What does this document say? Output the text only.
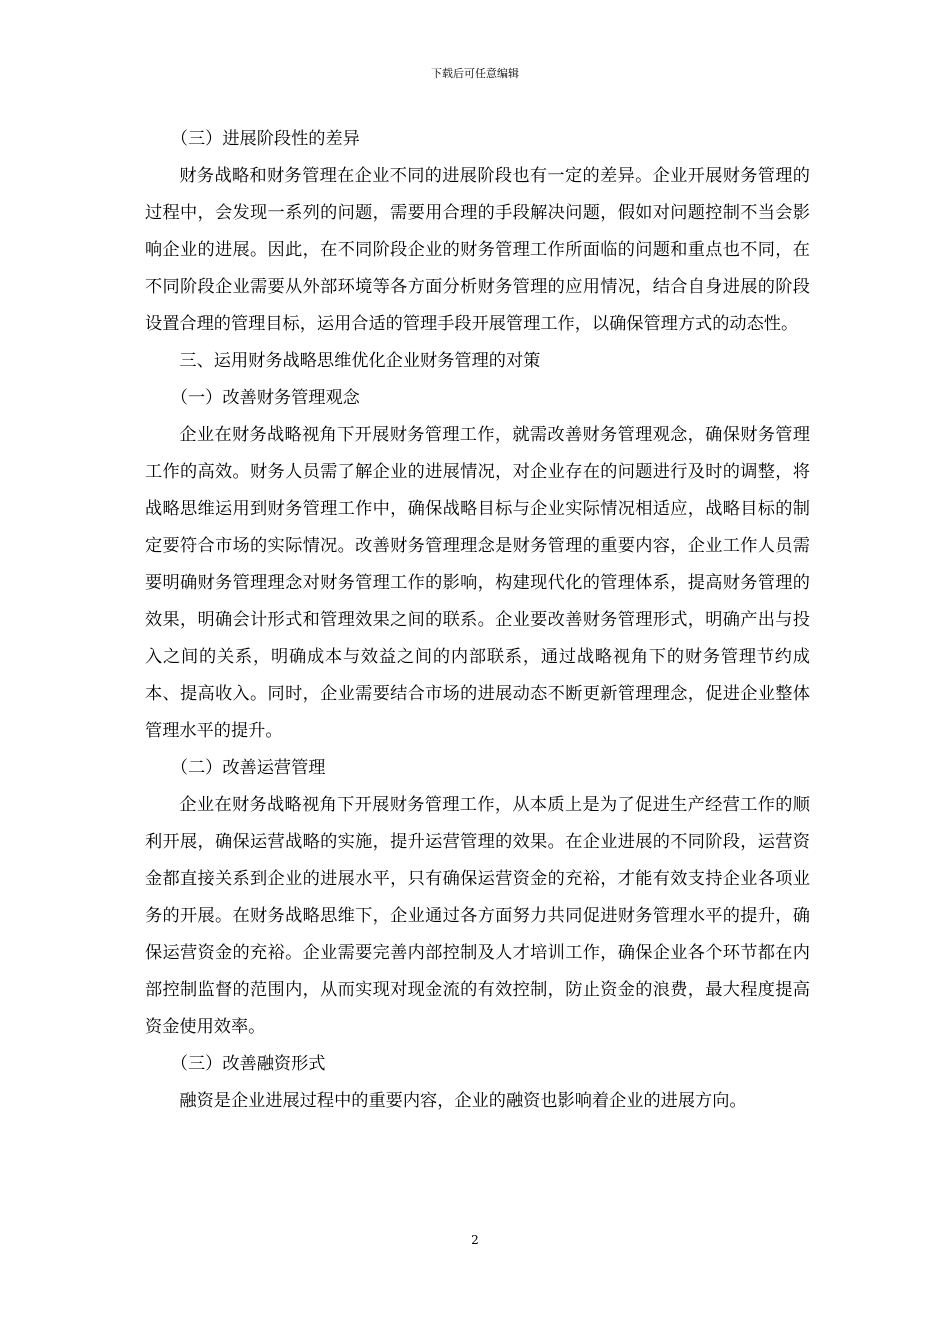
下载后可任意编辑

（三）进展阶段性的差异

财务战略和财务管理在企业不同的进展阶段也有一定的差异。企业开展财务管理的过程中，会发现一系列的问题，需要用合理的手段解决问题，假如对问题控制不当会影响企业的进展。因此，在不同阶段企业的财务管理工作所面临的问题和重点也不同，在不同阶段企业需要从外部环境等各方面分析财务管理的应用情况，结合自身进展的阶段设置合理的管理目标，运用合适的管理手段开展管理工作，以确保管理方式的动态性。

三、运用财务战略思维优化企业财务管理的对策

（一）改善财务管理观念

企业在财务战略视角下开展财务管理工作，就需改善财务管理观念，确保财务管理工作的高效。财务人员需了解企业的进展情况，对企业存在的问题进行及时的调整，将战略思维运用到财务管理工作中，确保战略目标与企业实际情况相适应，战略目标的制定要符合市场的实际情况。改善财务管理理念是财务管理的重要内容，企业工作人员需要明确财务管理理念对财务管理工作的影响，构建现代化的管理体系，提高财务管理的效果，明确会计形式和管理效果之间的联系。企业要改善财务管理形式，明确产出与投入之间的关系，明确成本与效益之间的内部联系，通过战略视角下的财务管理节约成本、提高收入。同时，企业需要结合市场的进展动态不断更新管理理念，促进企业整体管理水平的提升。

（二）改善运营管理

企业在财务战略视角下开展财务管理工作，从本质上是为了促进生产经营工作的顺利开展，确保运营战略的实施，提升运营管理的效果。在企业进展的不同阶段，运营资金都直接关系到企业的进展水平，只有确保运营资金的充裕，才能有效支持企业各项业务的开展。在财务战略思维下，企业通过各方面努力共同促进财务管理水平的提升，确保运营资金的充裕。企业需要完善内部控制及人才培训工作，确保企业各个环节都在内部控制监督的范围内，从而实现对现金流的有效控制，防止资金的浪费，最大程度提高资金使用效率。

（三）改善融资形式

融资是企业进展过程中的重要内容，企业的融资也影响着企业的进展方向。

2
